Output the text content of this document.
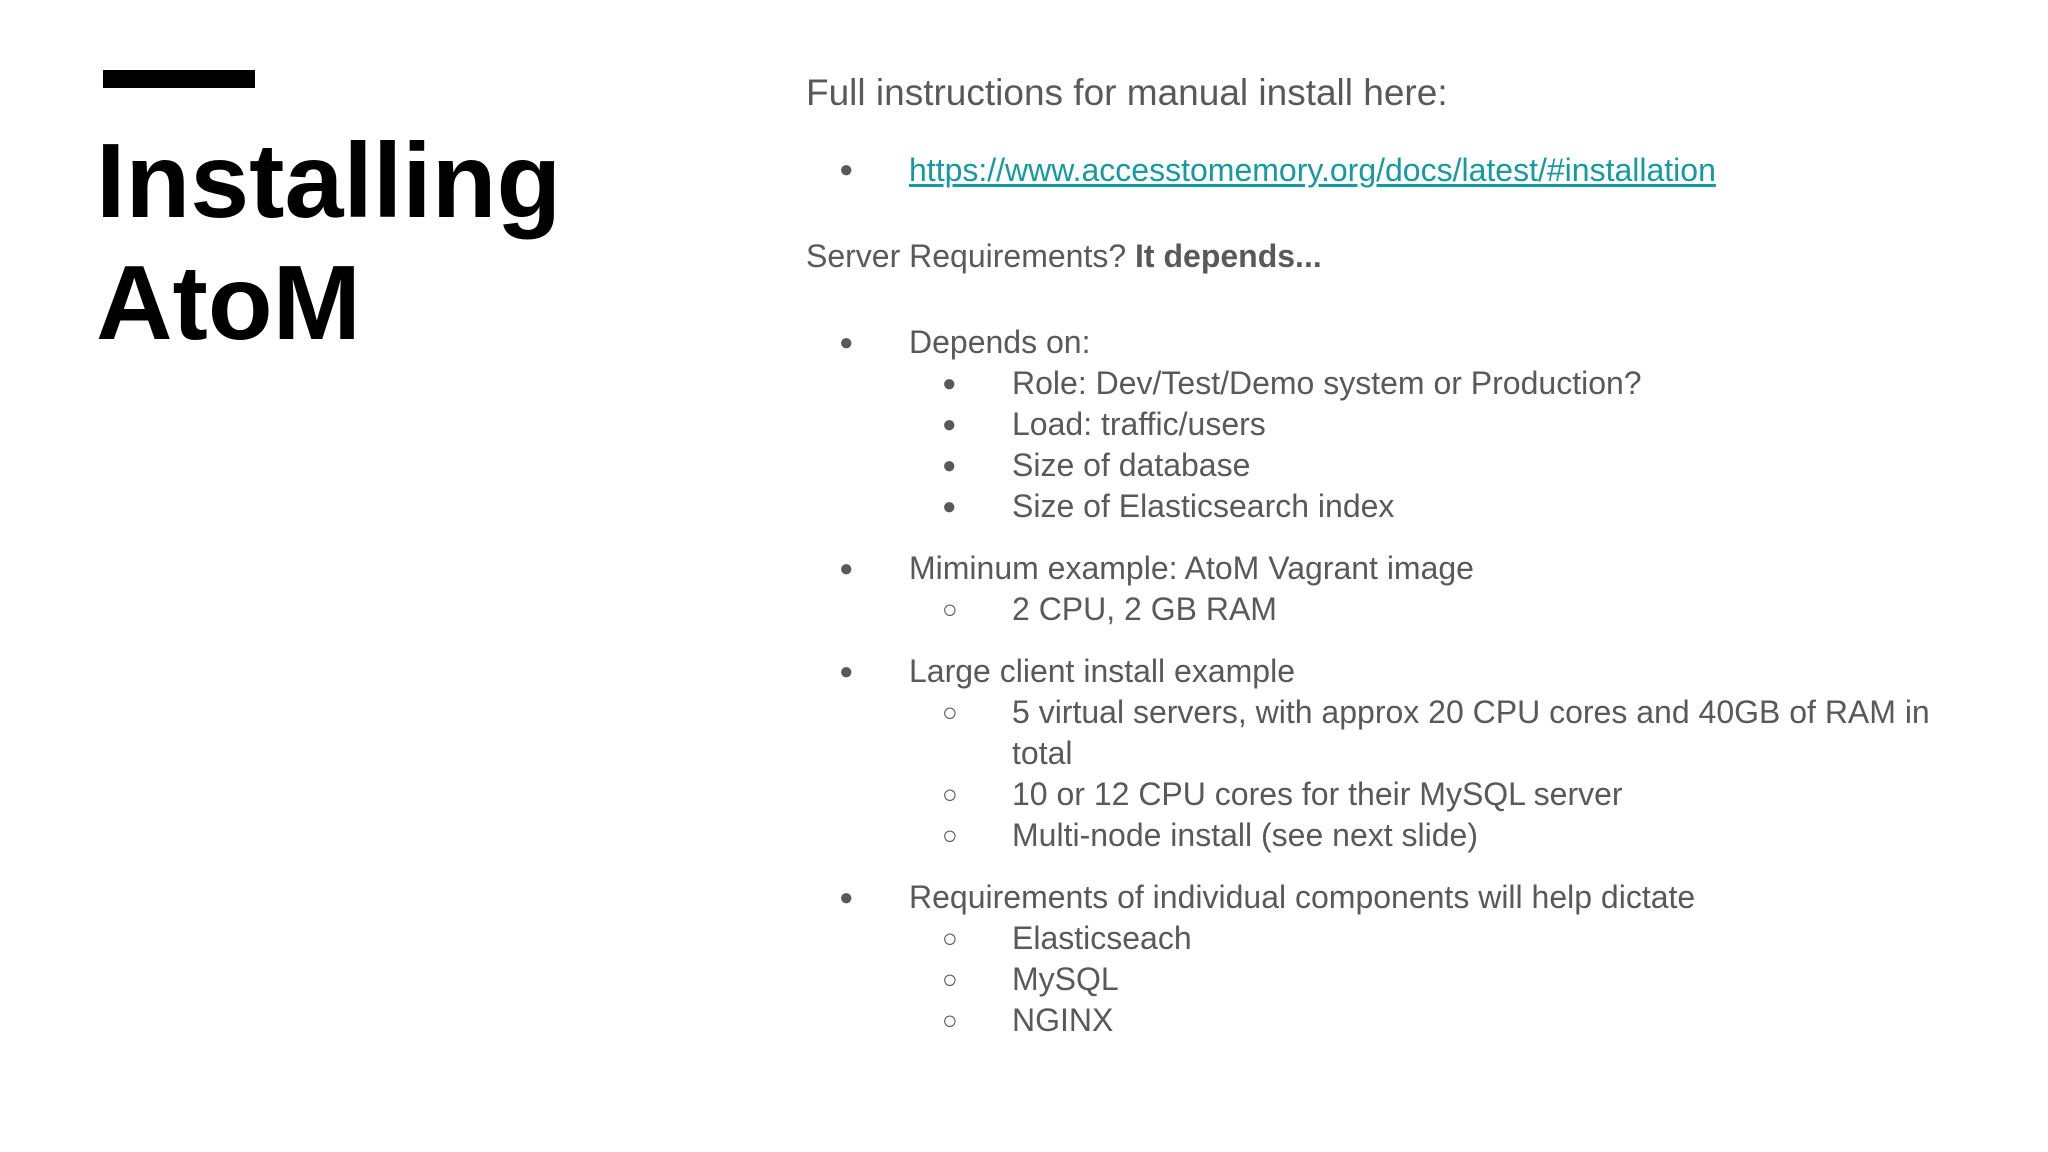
Installing
AtoM

Full instructions for manual install here:

● https://www.accesstomemory.org/docs/latest/#installation

Server Requirements? It depends...

● Depends on:
● Role: Dev/Test/Demo system or Production?
● Load: traffic/users
● Size of database
● Size of Elasticsearch index
● Miminum example: AtoM Vagrant image
○ 2 CPU, 2 GB RAM
● Large client install example
○ 5 virtual servers, with approx 20 CPU cores and 40GB of RAM in total
○ 10 or 12 CPU cores for their MySQL server
○ Multi-node install (see next slide)
● Requirements of individual components will help dictate
○ Elasticseach
○ MySQL
○ NGINX
